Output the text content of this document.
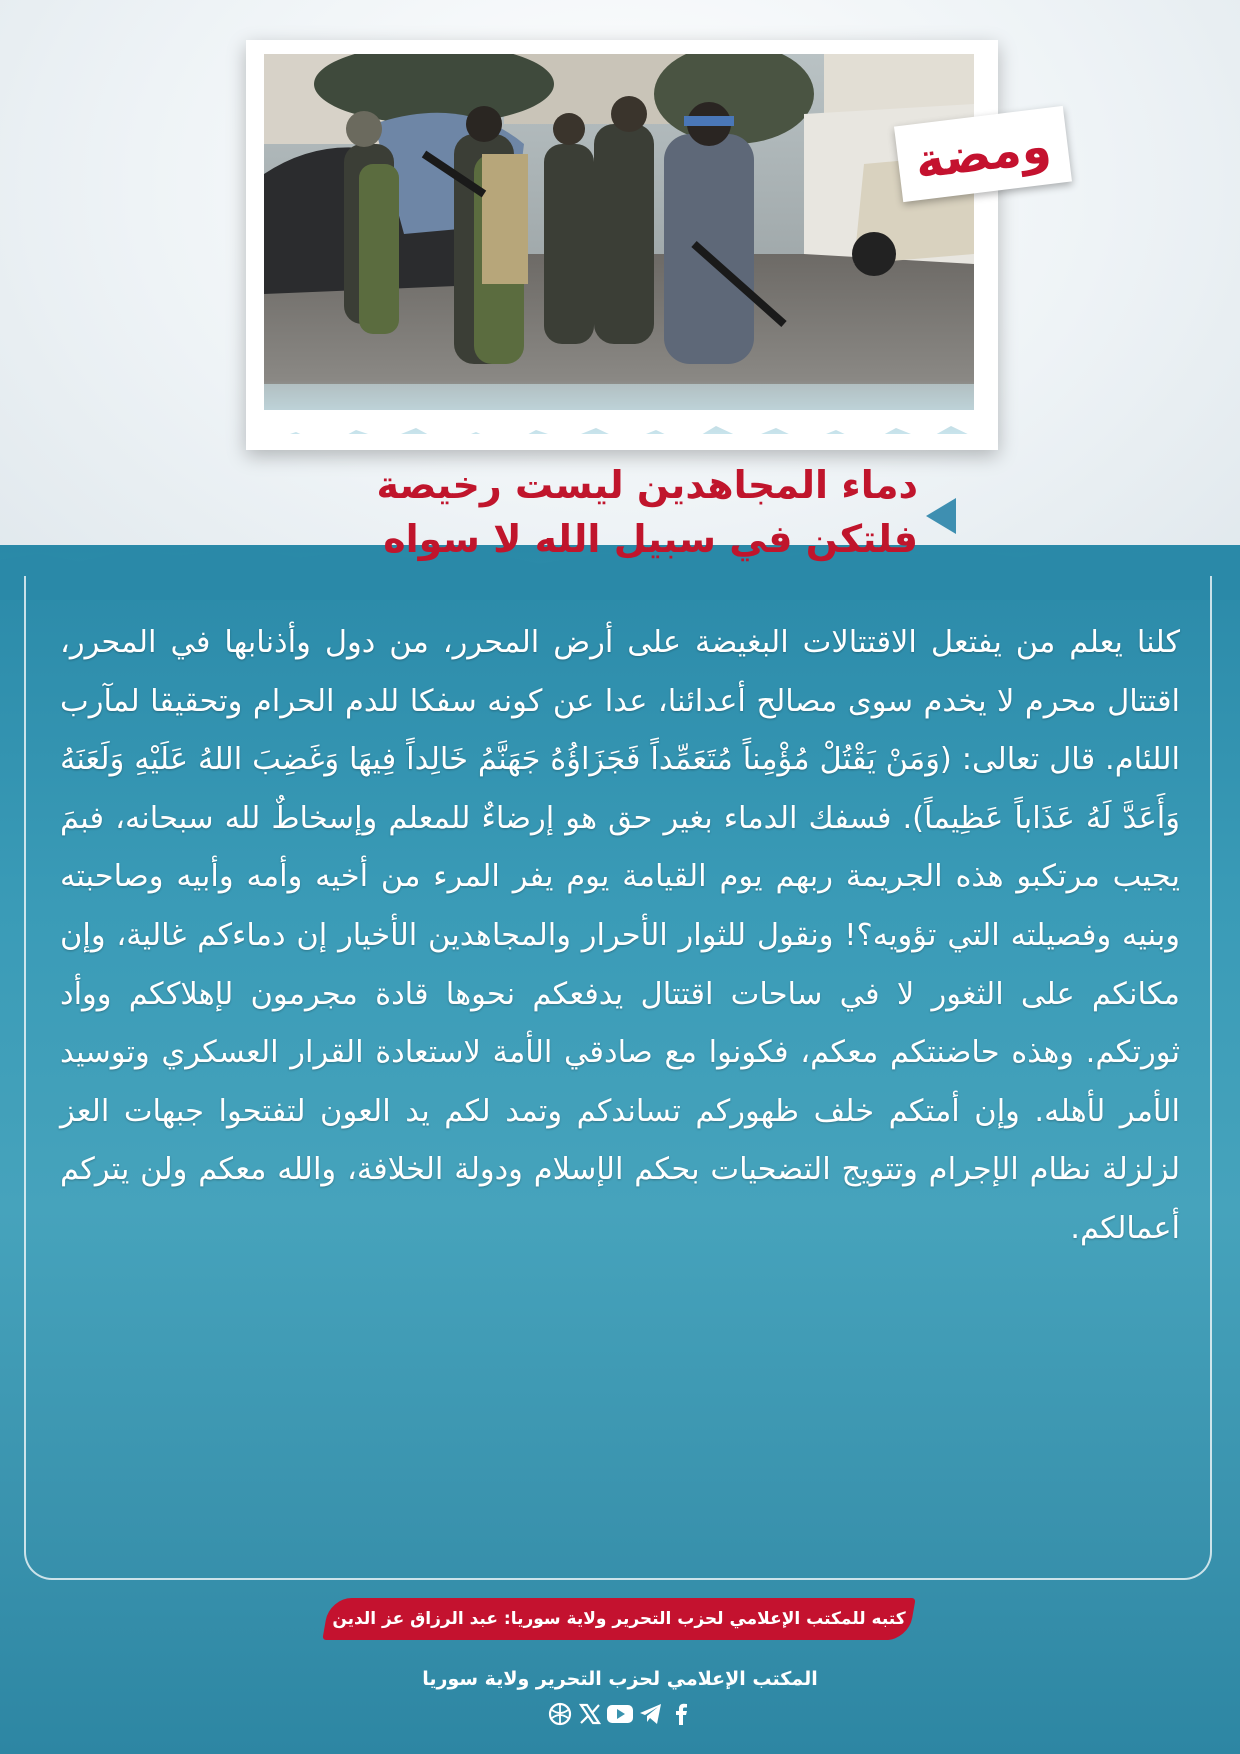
ومضة
دماء المجاهدين ليست رخيصة
فلتكن في سبيل الله لا سواه
كلنا يعلم من يفتعل الاقتتالات البغيضة على أرض المحرر، من دول وأذنابها في المحرر، اقتتال محرم لا يخدم سوى مصالح أعدائنا، عدا عن كونه سفكا للدم الحرام وتحقيقا لمآرب اللئام. قال تعالى: (وَمَنْ يَقْتُلْ مُؤْمِناً مُتَعَمِّداً فَجَزَاؤُهُ جَهَنَّمُ خَالِداً فِيهَا وَغَضِبَ اللهُ عَلَيْهِ وَلَعَنَهُ وَأَعَدَّ لَهُ عَذَاباً عَظِيماً). فسفك الدماء بغير حق هو إرضاءٌ للمعلم وإسخاطٌ لله سبحانه، فبمَ يجيب مرتكبو هذه الجريمة ربهم يوم القيامة يوم يفر المرء من أخيه وأمه وأبيه وصاحبته وبنيه وفصيلته التي تؤويه؟! ونقول للثوار الأحرار والمجاهدين الأخيار إن دماءكم غالية، وإن مكانكم على الثغور لا في ساحات اقتتال يدفعكم نحوها قادة مجرمون لإهلاككم ووأد ثورتكم. وهذه حاضنتكم معكم، فكونوا مع صادقي الأمة لاستعادة القرار العسكري وتوسيد الأمر لأهله. وإن أمتكم خلف ظهوركم تساندكم وتمد لكم يد العون لتفتحوا جبهات العز لزلزلة نظام الإجرام وتتويج التضحيات بحكم الإسلام ودولة الخلافة، والله معكم ولن يتركم أعمالكم.
كتبه للمكتب الإعلامي لحزب التحرير ولاية سوريا: عبد الرزاق عز الدين
المكتب الإعلامي لحزب التحرير ولاية سوريا
